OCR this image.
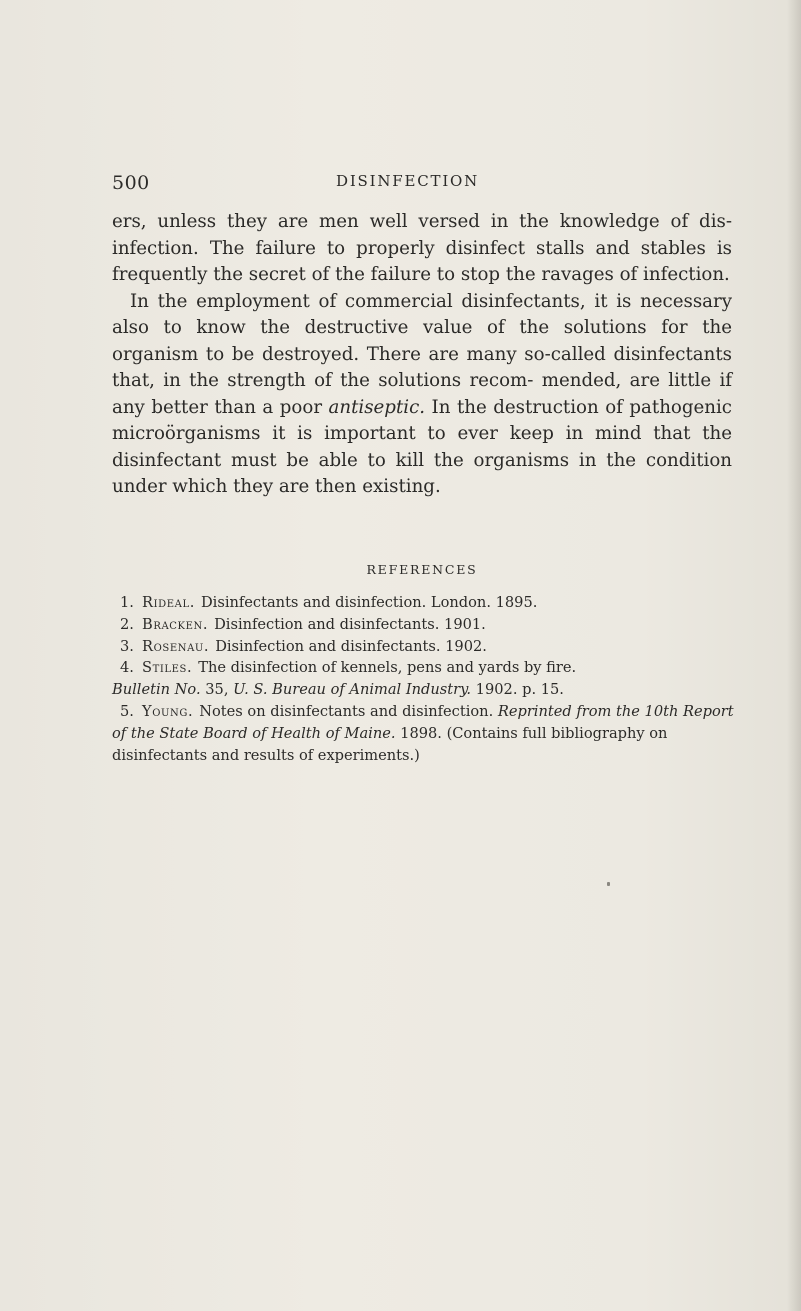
500	DISINFECTION

ers, unless they are men well versed in the knowledge of dis- infection. The failure to properly disinfect stalls and stables is frequently the secret of the failure to stop the ravages of infection.

In the employment of commercial disinfectants, it is necessary also to know the destructive value of the solutions for the organism to be destroyed. There are many so-called disinfectants that, in the strength of the solutions recom- mended, are little if any better than a poor antiseptic. In the destruction of pathogenic microörganisms it is important to ever keep in mind that the disinfectant must be able to kill the organisms in the condition under which they are then existing.

REFERENCES
1. Rideal. Disinfectants and disinfection. London. 1895.
2. Bracken. Disinfection and disinfectants. 1901.
3. Rosenau. Disinfection and disinfectants. 1902.
4. Stiles. The disinfection of kennels, pens and yards by fire.
Bulletin No. 35, U. S. Bureau of Animal Industry. 1902. p. 15.
5. Young. Notes on disinfectants and disinfection. Reprinted from the 10th Report of the State Board of Health of Maine. 1898. (Contains full bibliography on disinfectants and results of experiments.)
